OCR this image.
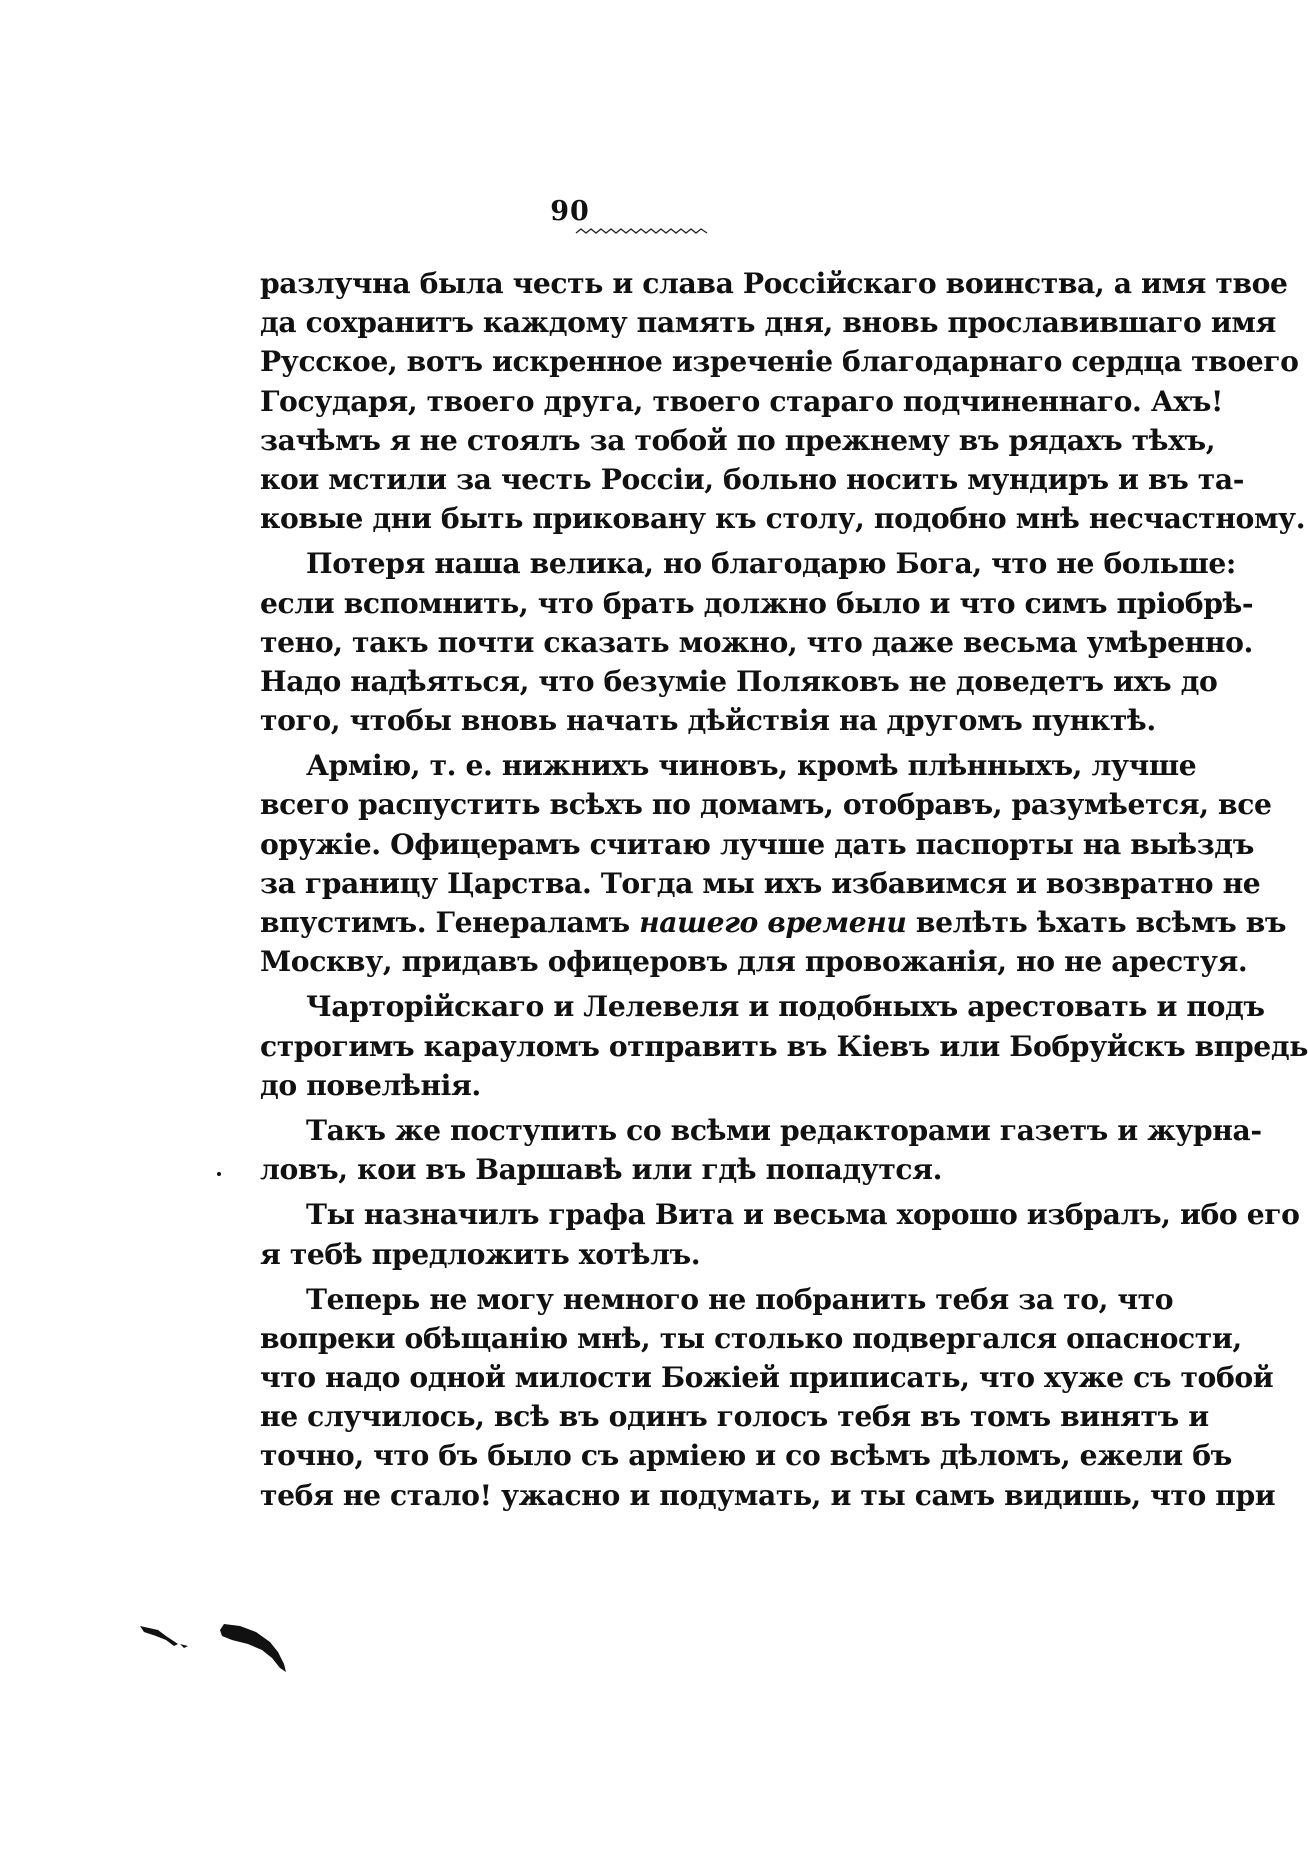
90
разлучна была честь и слава Россійскаго воинства, а имя твое
да сохранитъ каждому память дня, вновь прославившаго имя
Русское, вотъ искренное изреченіе благодарнаго сердца твоего
Государя, твоего друга, твоего стараго подчиненнаго. Ахъ!
зачѣмъ я не стоялъ за тобой по прежнему въ рядахъ тѣхъ,
кои мстили за честь Россіи, больно носить мундиръ и въ та-
ковые дни быть приковану къ столу, подобно мнѣ несчастному.
Потеря наша велика, но благодарю Бога, что не больше:
если вспомнить, что брать должно было и что симъ пріобрѣ-
тено, такъ почти сказать можно, что даже весьма умѣренно.
Надо надѣяться, что безуміе Поляковъ не доведетъ ихъ до
того, чтобы вновь начать дѣйствія на другомъ пунктѣ.
Армію, т. е. нижнихъ чиновъ, кромѣ плѣнныхъ, лучше
всего распустить всѣхъ по домамъ, отобравъ, разумѣется, все
оружіе. Офицерамъ считаю лучше дать паспорты на выѣздъ
за границу Царства. Тогда мы ихъ избавимся и возвратно не
впустимъ. Генераламъ нашего времени велѣть ѣхать всѣмъ въ
Москву, придавъ офицеровъ для провожанія, но не арестуя.
Чарторійскаго и Лелевеля и подобныхъ арестовать и подъ
строгимъ карауломъ отправить въ Кіевъ или Бобруйскъ впредь
до повелѣнія.
Такъ же поступить со всѣми редакторами газетъ и журна-
ловъ, кои въ Варшавѣ или гдѣ попадутся.
Ты назначилъ графа Вита и весьма хорошо избралъ, ибо его
я тебѣ предложить хотѣлъ.
Теперь не могу немного не побранить тебя за то, что
вопреки обѣщанію мнѣ, ты столько подвергался опасности,
что надо одной милости Божіей приписать, что хуже съ тобой
не случилось, всѣ въ одинъ голосъ тебя въ томъ винятъ и
точно, что бъ было съ арміею и со всѣмъ дѣломъ, ежели бъ
тебя не стало! ужасно и подумать, и ты самъ видишь, что при
